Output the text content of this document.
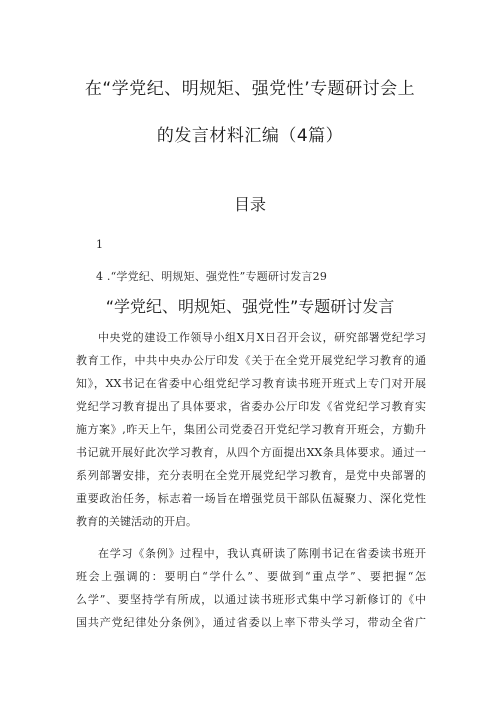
在“学党纪、明规矩、强党性’专题研讨会上
的发言材料汇编（4篇）
目录
1
4 .“学党纪、明规矩、强党性”专题研讨发言29
“学党纪、明规矩、强党性”专题研讨发言
中央党的建设工作领导小组X月X日召开会议，研究部署党纪学习
教育工作，中共中央办公厅印发《关于在全党开展党纪学习教育的通
知》，XX书记在省委中心组党纪学习教育读书班开班式上专门对开展
党纪学习教育提出了具体要求，省委办公厅印发《省党纪学习教育实
施方案》,昨天上午，集团公司党委召开党纪学习教育开班会，方勤升
书记就开展好此次学习教育，从四个方面提出XX条具体要求。通过一
系列部署安排，充分表明在全党开展党纪学习教育，是党中央部署的
重要政治任务，标志着一场旨在增强党员干部队伍凝聚力、深化党性
教育的关键活动的开启。
在学习《条例》过程中，我认真研读了陈刚书记在省委读书班开
班会上强调的：要明白“学什么”、要做到“重点学”、要把握“怎
么学”、要坚持学有所成，以通过读书班形式集中学习新修订的《中
国共产党纪律处分条例》，通过省委以上率下带头学习，带动全省广
